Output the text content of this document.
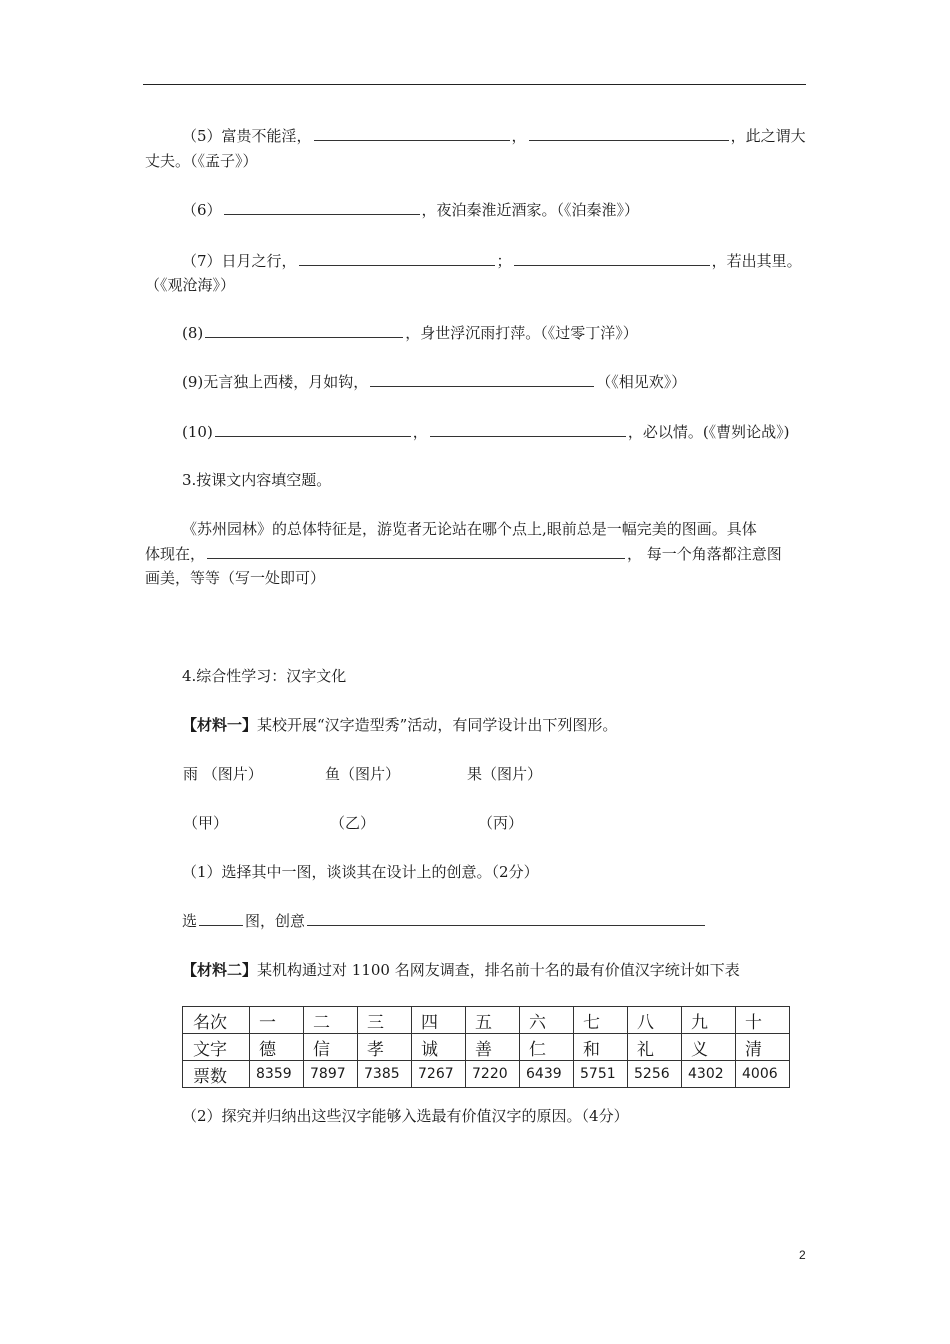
（5）富贵不能淫，	，	，此之谓大
丈夫。（《孟子》）
（6）	，夜泊秦淮近酒家。（《泊秦淮》）
（7）日月之行，	；	，若出其里。
（《观沧海》）
(8)	，身世浮沉雨打萍。（《过零丁洋》）
(9)无言独上西楼，月如钩，	（《相见欢》）
(10)	，	，必以情。(《曹刿论战》)
3.按课文内容填空题。
《苏州园林》的总体特征是，游览者无论站在哪个点上,眼前总是一幅完美的图画。具体
体现在，	， 每一个角落都注意图
画美，等等（写一处即可）
4.综合性学习：汉字文化
【材料一】某校开展“汉字造型秀”活动，有同学设计出下列图形。
雨 （图片）	鱼（图片）	果（图片）
（甲）	（乙）	（丙）
（1）选择其中一图，谈谈其在设计上的创意。（2分）
选	图，创意
【材料二】某机构通过对 1100 名网友调查，排名前十名的最有价值汉字统计如下表
名次	一	二	三	四	五	六	七	八	九	十
文字	德	信	孝	诚	善	仁	和	礼	义	清
票数	8359	7897	7385	7267	7220	6439	5751	5256	4302	4006
（2）探究并归纳出这些汉字能够入选最有价值汉字的原因。（4分）
2
